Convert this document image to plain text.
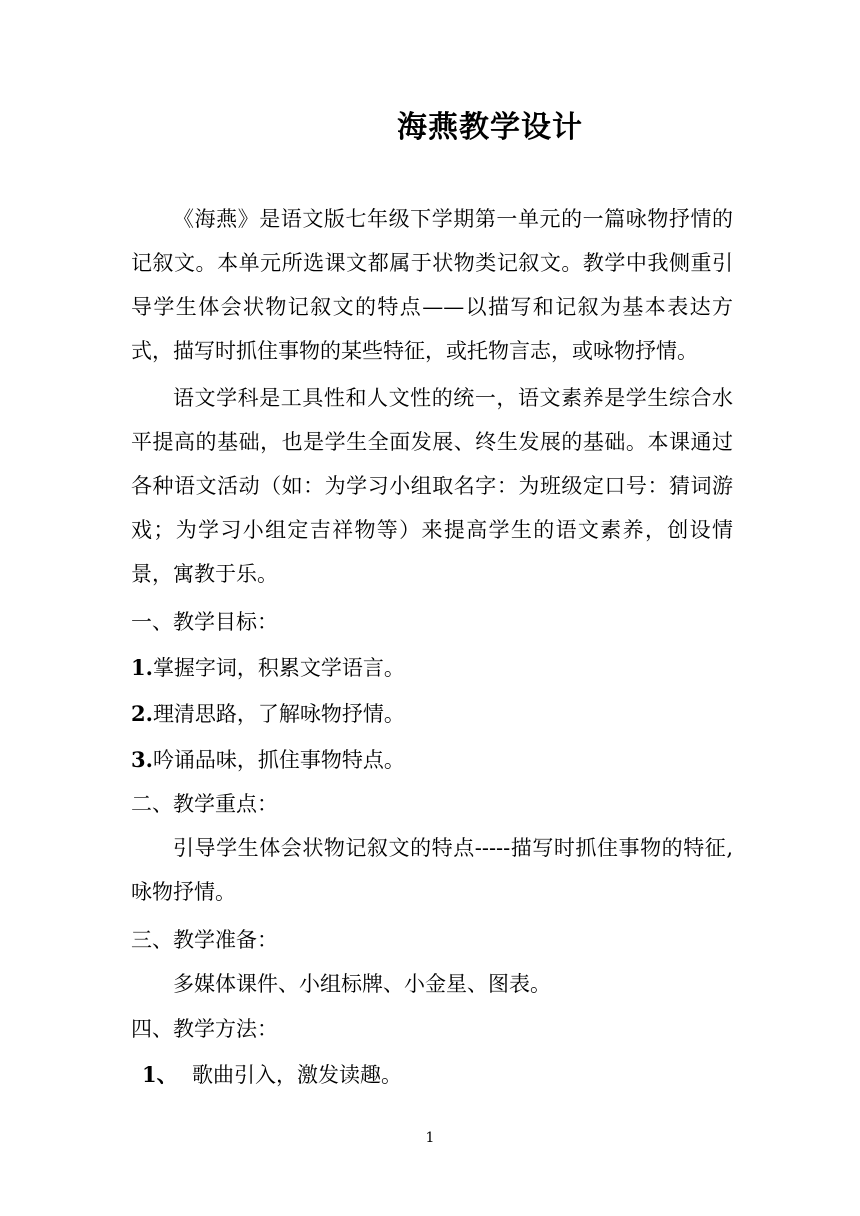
海燕教学设计
《海燕》是语文版七年级下学期第一单元的一篇咏物抒情的记叙文。本单元所选课文都属于状物类记叙文。教学中我侧重引导学生体会状物记叙文的特点——以描写和记叙为基本表达方式，描写时抓住事物的某些特征，或托物言志，或咏物抒情。
语文学科是工具性和人文性的统一，语文素养是学生综合水平提高的基础，也是学生全面发展、终生发展的基础。本课通过各种语文活动（如：为学习小组取名字：为班级定口号：猜词游戏；为学习小组定吉祥物等）来提高学生的语文素养，创设情景，寓教于乐。
一、教学目标：
1.掌握字词，积累文学语言。
2.理清思路，了解咏物抒情。
3.吟诵品味，抓住事物特点。
二、教学重点：
引导学生体会状物记叙文的特点-----描写时抓住事物的特征,咏物抒情。
三、教学准备：
多媒体课件、小组标牌、小金星、图表。
四、教学方法：
1、 歌曲引入，激发读趣。
1
